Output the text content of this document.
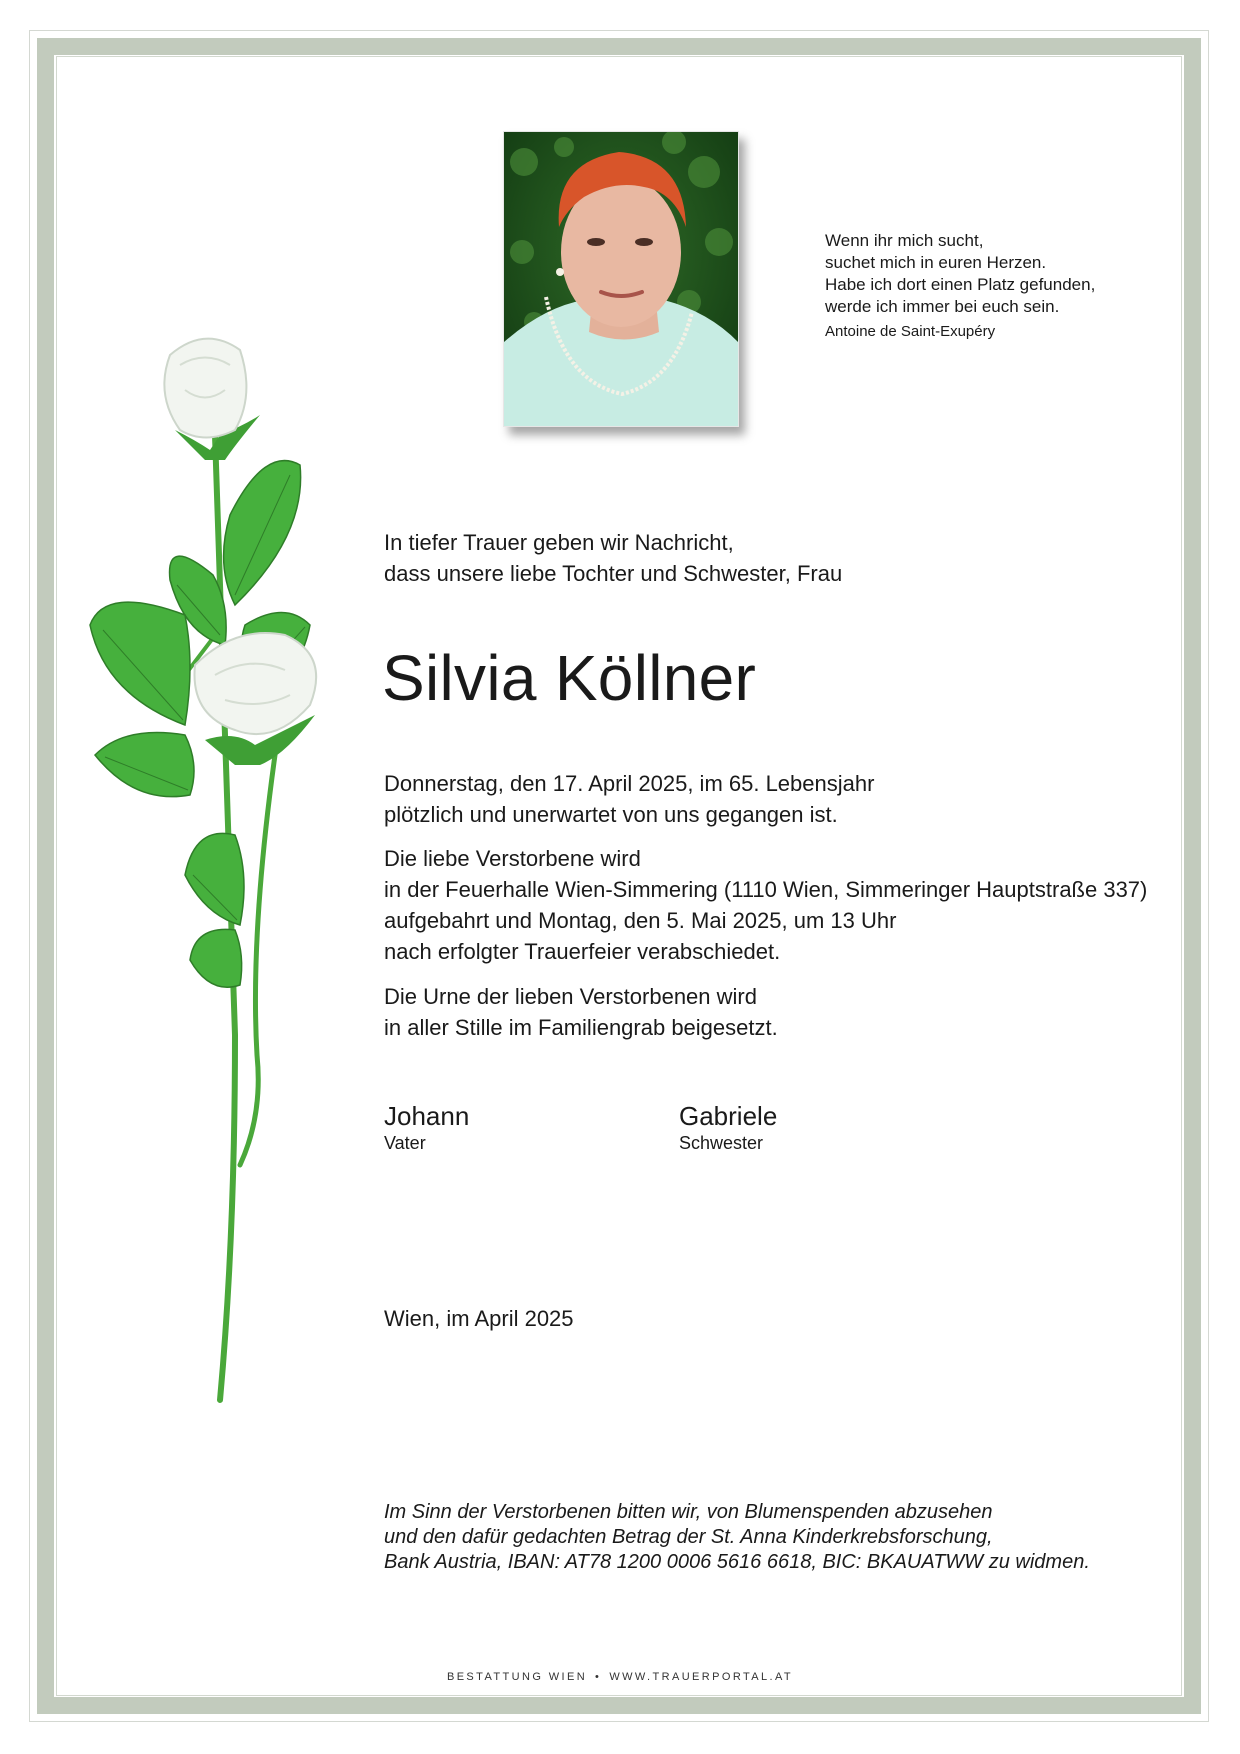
Wenn ihr mich sucht,
suchet mich in euren Herzen.
Habe ich dort einen Platz gefunden,
werde ich immer bei euch sein.
Antoine de Saint-Exupéry
In tiefer Trauer geben wir Nachricht,
dass unsere liebe Tochter und Schwester, Frau
Silvia Köllner
Donnerstag, den 17. April 2025, im 65. Lebensjahr
plötzlich und unerwartet von uns gegangen ist.
Die liebe Verstorbene wird
in der Feuerhalle Wien-Simmering (1110 Wien, Simmeringer Hauptstraße 337)
aufgebahrt und Montag, den 5. Mai 2025, um 13 Uhr
nach erfolgter Trauerfeier verabschiedet.
Die Urne der lieben Verstorbenen wird
in aller Stille im Familiengrab beigesetzt.
Johann
Vater
Gabriele
Schwester
Wien, im April 2025
Im Sinn der Verstorbenen bitten wir, von Blumenspenden abzusehen
und den dafür gedachten Betrag der St. Anna Kinderkrebsforschung,
Bank Austria, IBAN: AT78 1200 0006 5616 6618, BIC: BKAUATWW zu widmen.
BESTATTUNG WIEN • WWW.TRAUERPORTAL.AT
